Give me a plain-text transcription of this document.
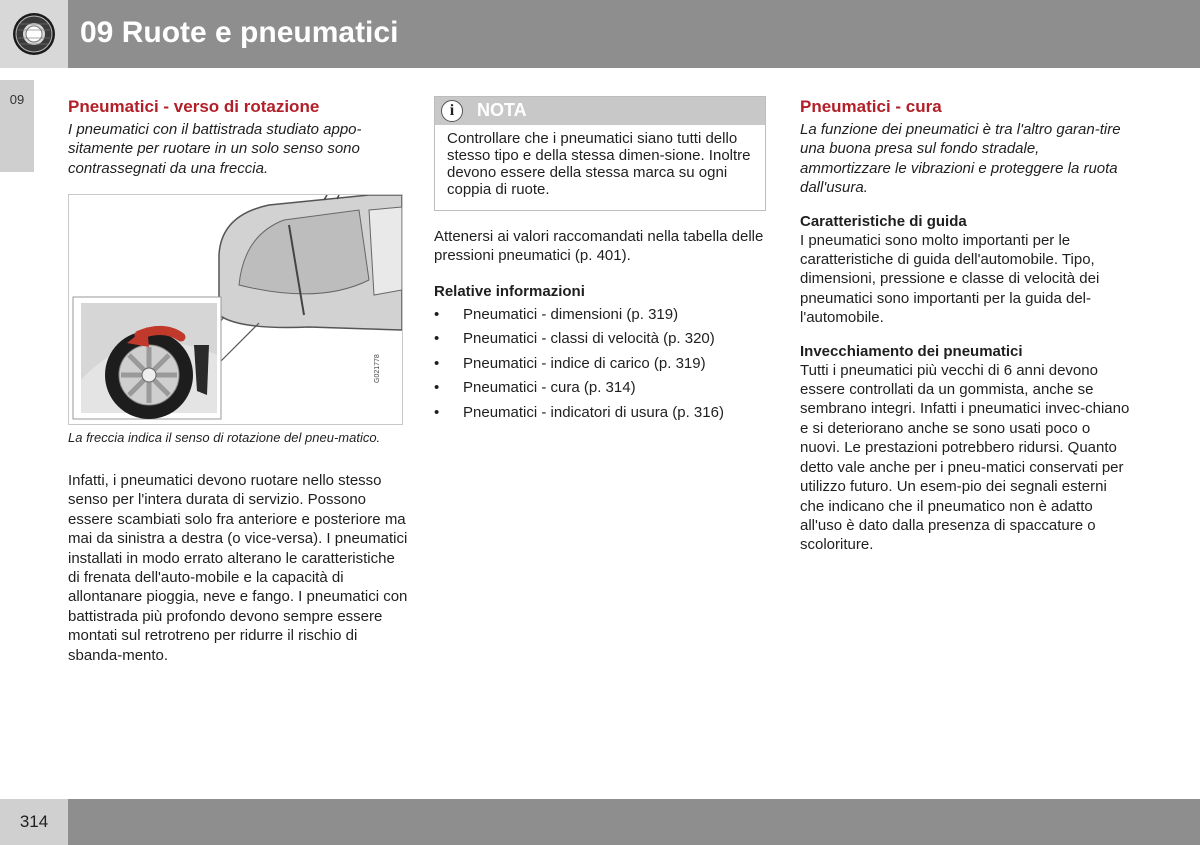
09 Ruote e pneumatici
09	Pneumatici - verso di rotazione

I pneumatici con il battistrada studiato appo-sitamente per ruotare in un solo senso sono contrassegnati da una freccia.

G021778
La freccia indica il senso di rotazione del pneu-matico.
Infatti, i pneumatici devono ruotare nello stesso senso per l'intera durata di servizio. Possono essere scambiati solo fra anteriore e posteriore ma mai da sinistra a destra (o vice-versa). I pneumatici installati in modo errato alterano le caratteristiche di frenata dell'auto-mobile e la capacità di allontanare pioggia, neve e fango. I pneumatici con battistrada più profondo devono sempre essere montati sul retrotreno per ridurre il rischio di sbanda-mento.
i	NOTA
Controllare che i pneumatici siano tutti dello stesso tipo e della stessa dimen-sione. Inoltre devono essere della stessa marca su ogni coppia di ruote.

Attenersi ai valori raccomandati nella tabella delle pressioni pneumatici (p. 401).

Relative informazioni

• Pneumatici - dimensioni (p. 319)
• Pneumatici - classi di velocità (p. 320)
• Pneumatici - indice di carico (p. 319)
• Pneumatici - cura (p. 314)
• Pneumatici - indicatori di usura (p. 316)
Pneumatici - cura

La funzione dei pneumatici è tra l'altro garan-tire una buona presa sul fondo stradale, ammortizzare le vibrazioni e proteggere la ruota dall'usura.

Caratteristiche di guida

I pneumatici sono molto importanti per le caratteristiche di guida dell'automobile. Tipo, dimensioni, pressione e classe di velocità dei pneumatici sono importanti per la guida del-l'automobile.

Invecchiamento dei pneumatici

Tutti i pneumatici più vecchi di 6 anni devono essere controllati da un gommista, anche se sembrano integri. Infatti i pneumatici invec-chiano e si deteriorano anche se sono usati poco o nuovi. Le prestazioni potrebbero ridursi. Quanto detto vale anche per i pneu-matici conservati per utilizzo futuro. Un esem-pio dei segnali esterni che indicano che il pneumatico non è adatto all'uso è dato dalla presenza di spaccature o scoloriture.

314
